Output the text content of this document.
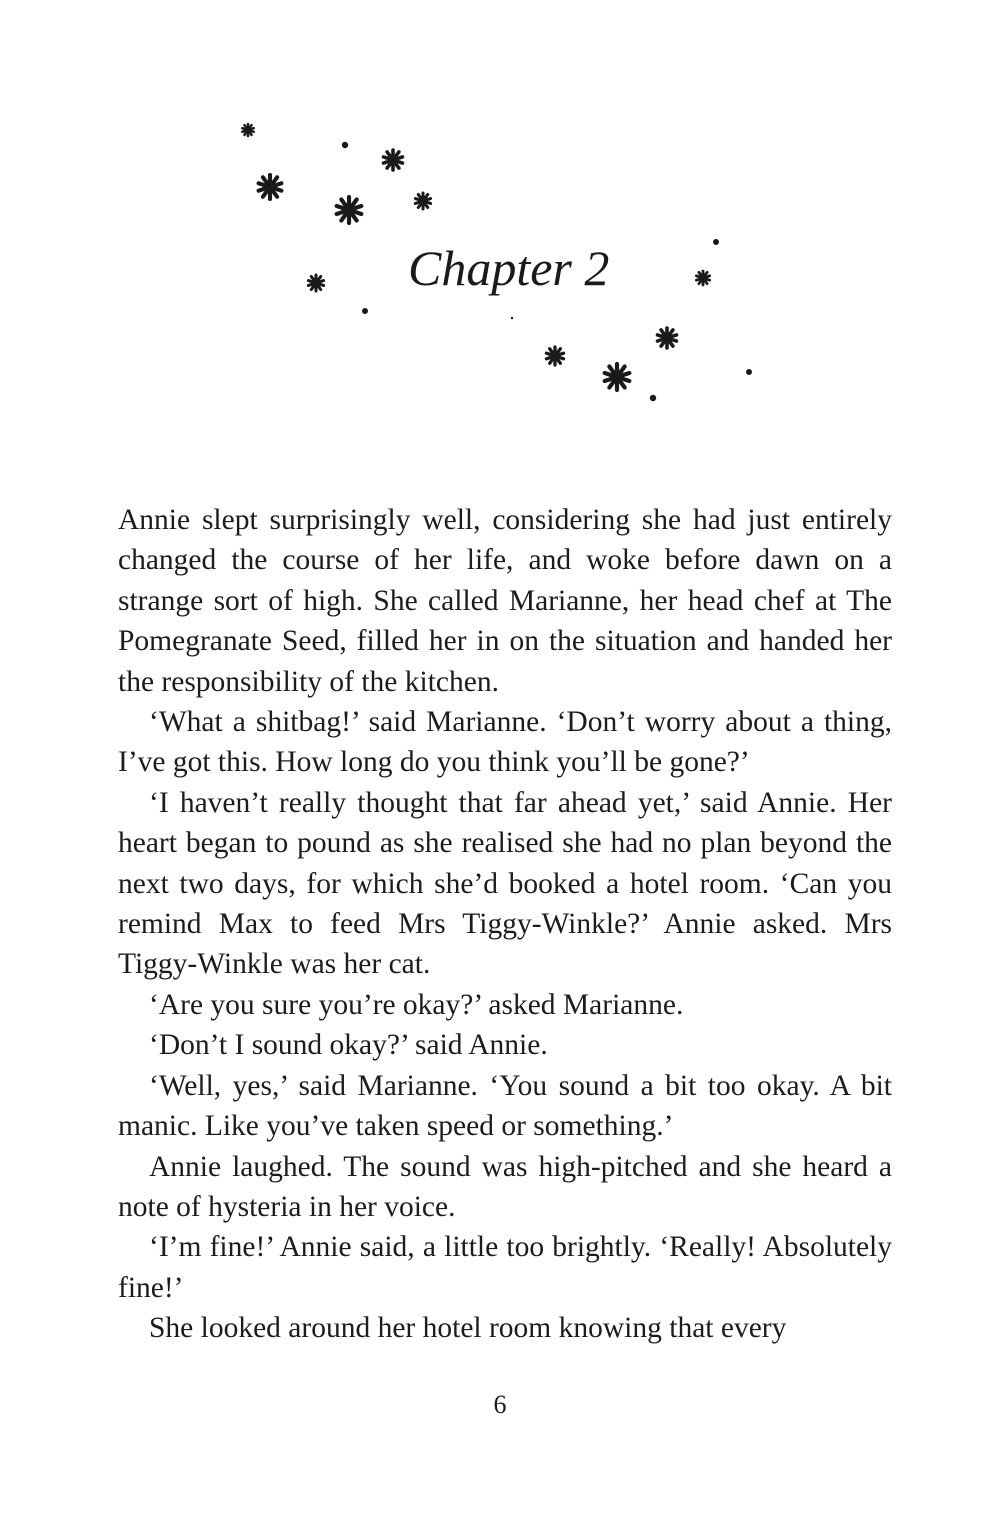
Chapter 2

Annie slept surprisingly well, considering she had just entirely changed the course of her life, and woke before dawn on a strange sort of high. She called Marianne, her head chef at The Pomegranate Seed, filled her in on the situation and handed her the responsibility of the kitchen.

‘What a shitbag!’ said Marianne. ‘Don’t worry about a thing, I’ve got this. How long do you think you’ll be gone?’

‘I haven’t really thought that far ahead yet,’ said Annie. Her heart began to pound as she realised she had no plan beyond the next two days, for which she’d booked a hotel room. ‘Can you remind Max to feed Mrs Tiggy-Winkle?’ Annie asked. Mrs Tiggy-Winkle was her cat.

‘Are you sure you’re okay?’ asked Marianne.

‘Don’t I sound okay?’ said Annie.

‘Well, yes,’ said Marianne. ‘You sound a bit too okay. A bit manic. Like you’ve taken speed or something.’

Annie laughed. The sound was high-pitched and she heard a note of hysteria in her voice.

‘I’m fine!’ Annie said, a little too brightly. ‘Really! Absolutely fine!’

She looked around her hotel room knowing that every

6
